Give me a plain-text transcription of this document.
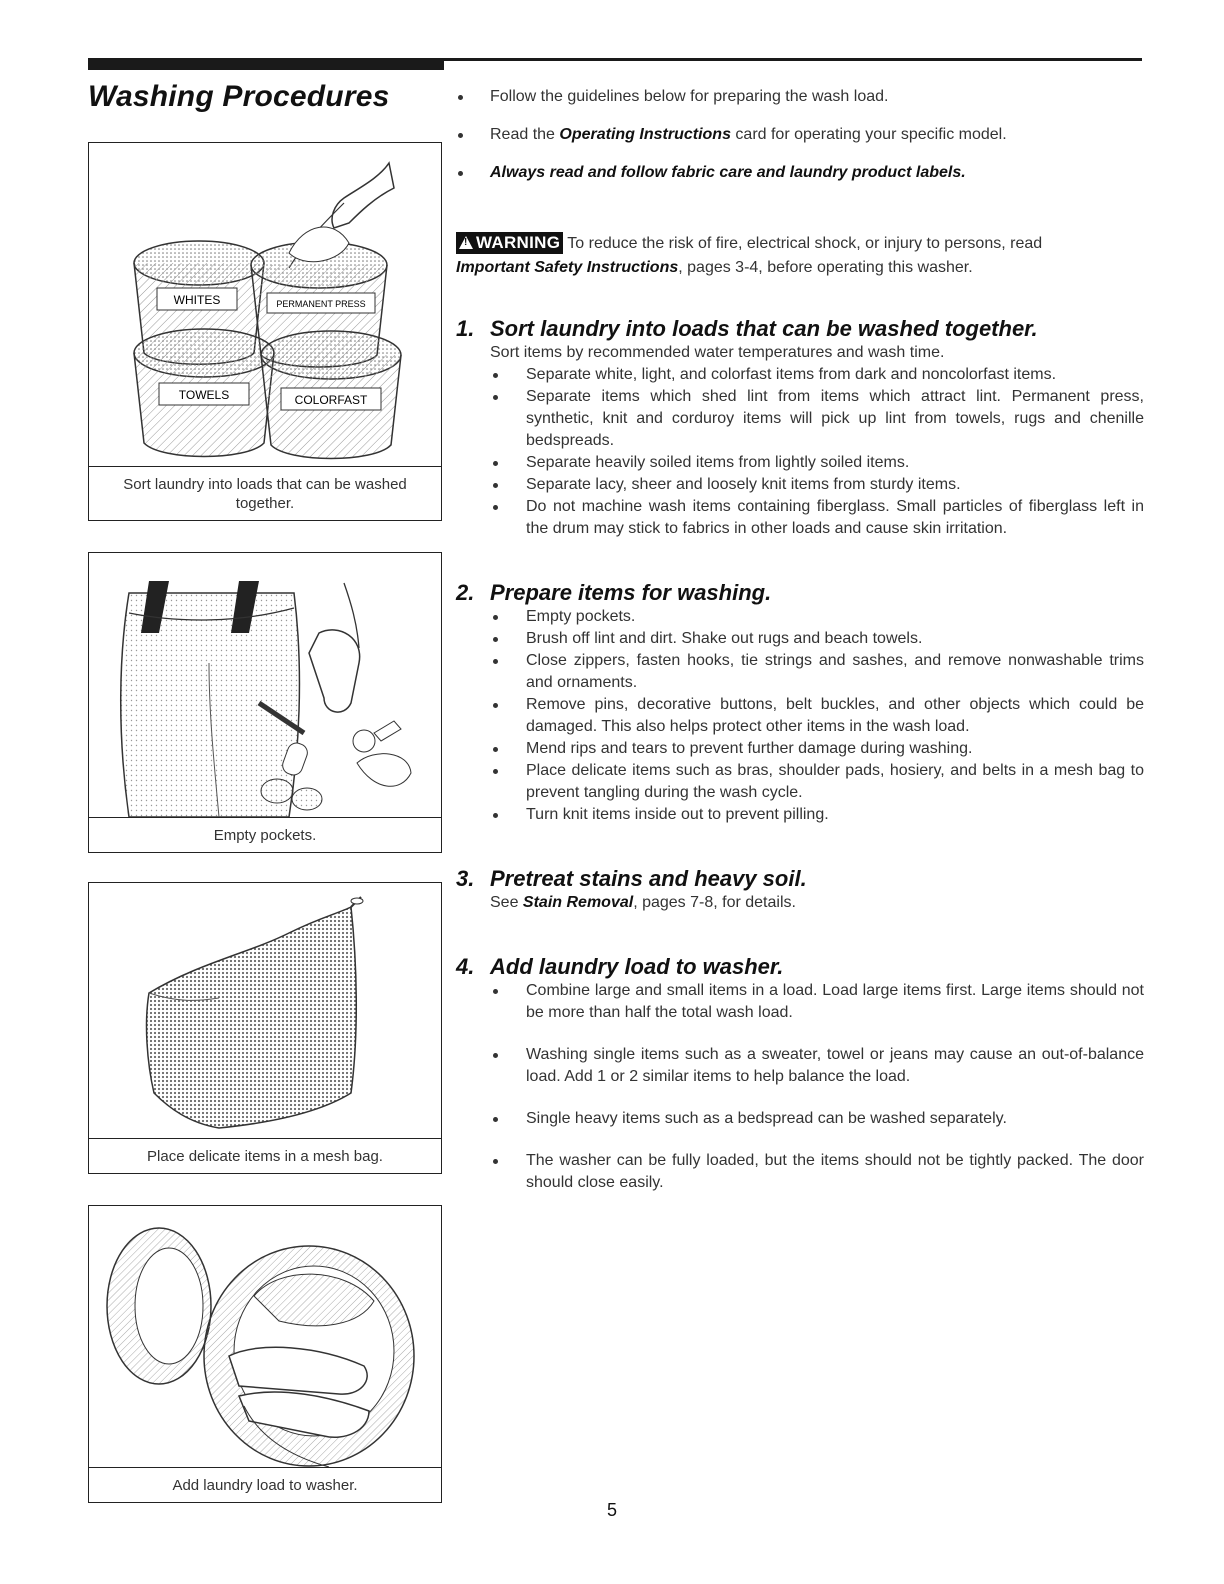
Washing Procedures
WHITES	PERMANENT PRESS
TOWELS	COLORFAST
Sort laundry into loads that can be washed together.
Empty pockets.
Place delicate items in a mesh bag.
Add laundry load to washer.
Follow the guidelines below for preparing the wash load.
Read the Operating Instructions card for operating your specific model.
Always read and follow fabric care and laundry product labels.
!WARNING To reduce the risk of fire, electrical shock, or injury to persons, read
Important Safety Instructions, pages 3-4, before operating this washer.
1. Sort laundry into loads that can be washed together.
Sort items by recommended water temperatures and wash time.
Separate white, light, and colorfast items from dark and noncolorfast items.
Separate items which shed lint from items which attract lint. Permanent press, synthetic, knit and corduroy items will pick up lint from towels, rugs and chenille bedspreads.
Separate heavily soiled items from lightly soiled items.
Separate lacy, sheer and loosely knit items from sturdy items.
Do not machine wash items containing fiberglass. Small particles of fiberglass left in the drum may stick to fabrics in other loads and cause skin irritation.
2. Prepare items for washing.
Empty pockets.
Brush off lint and dirt. Shake out rugs and beach towels.
Close zippers, fasten hooks, tie strings and sashes, and remove nonwashable trims and ornaments.
Remove pins, decorative buttons, belt buckles, and other objects which could be damaged. This also helps protect other items in the wash load.
Mend rips and tears to prevent further damage during washing.
Place delicate items such as bras, shoulder pads, hosiery, and belts in a mesh bag to prevent tangling during the wash cycle.
Turn knit items inside out to prevent pilling.
3. Pretreat stains and heavy soil.
See Stain Removal, pages 7-8, for details.
4. Add laundry load to washer.
Combine large and small items in a load. Load large items first. Large items should not be more than half the total wash load.
Washing single items such as a sweater, towel or jeans may cause an out-of-balance load. Add 1 or 2 similar items to help balance the load.
Single heavy items such as a bedspread can be washed separately.
The washer can be fully loaded, but the items should not be tightly packed. The door should close easily.
5
